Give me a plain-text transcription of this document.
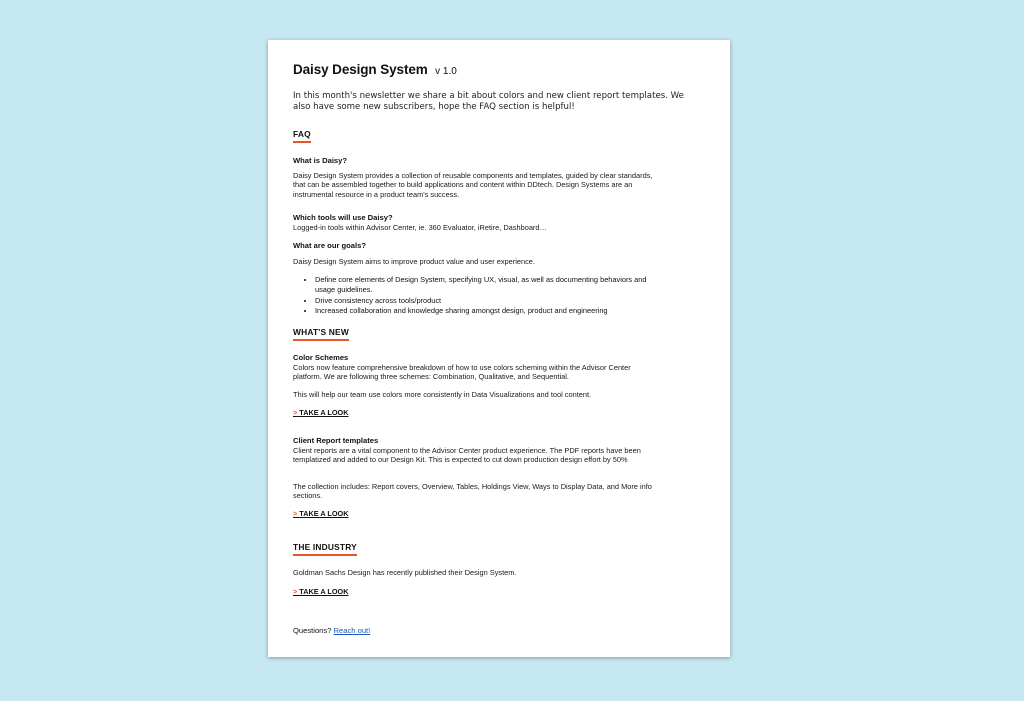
Daisy Design System v 1.0
In this month's newsletter we share a bit about colors and new client report templates. We also have some new subscribers, hope the FAQ section is helpful!
FAQ
What is Daisy?
Daisy Design System provides a collection of reusable components and templates, guided by clear standards, that can be assembled together to build applications and content within DDtech. Design Systems are an instrumental resource in a product team's success.
Which tools will use Daisy?
Logged-in tools within Advisor Center, ie. 360 Evaluator, iRetire, Dashboard…
What are our goals?
Daisy Design System aims to improve product value and user experience.
• Define core elements of Design System, specifying UX, visual, as well as documenting behaviors and usage guidelines.
• Drive consistency across tools/product
• Increased collaboration and knowledge sharing amongst design, product and engineering
WHAT'S NEW
Color Schemes
Colors now feature comprehensive breakdown of how to use colors scheming within the Advisor Center platform. We are following three schemes: Combination, Qualitative, and Sequential.
This will help our team use colors more consistently in Data Visualizations and tool content.
> TAKE A LOOK
Client Report templates
Client reports are a vital component to the Advisor Center product experience. The PDF reports have been templatized and added to our Design Kit. This is expected to cut down production design effort by 50%
The collection includes: Report covers, Overview, Tables, Holdings View, Ways to Display Data, and More info sections.
> TAKE A LOOK
THE INDUSTRY
Goldman Sachs Design has recently published their Design System.
> TAKE A LOOK
Questions? Reach out!
